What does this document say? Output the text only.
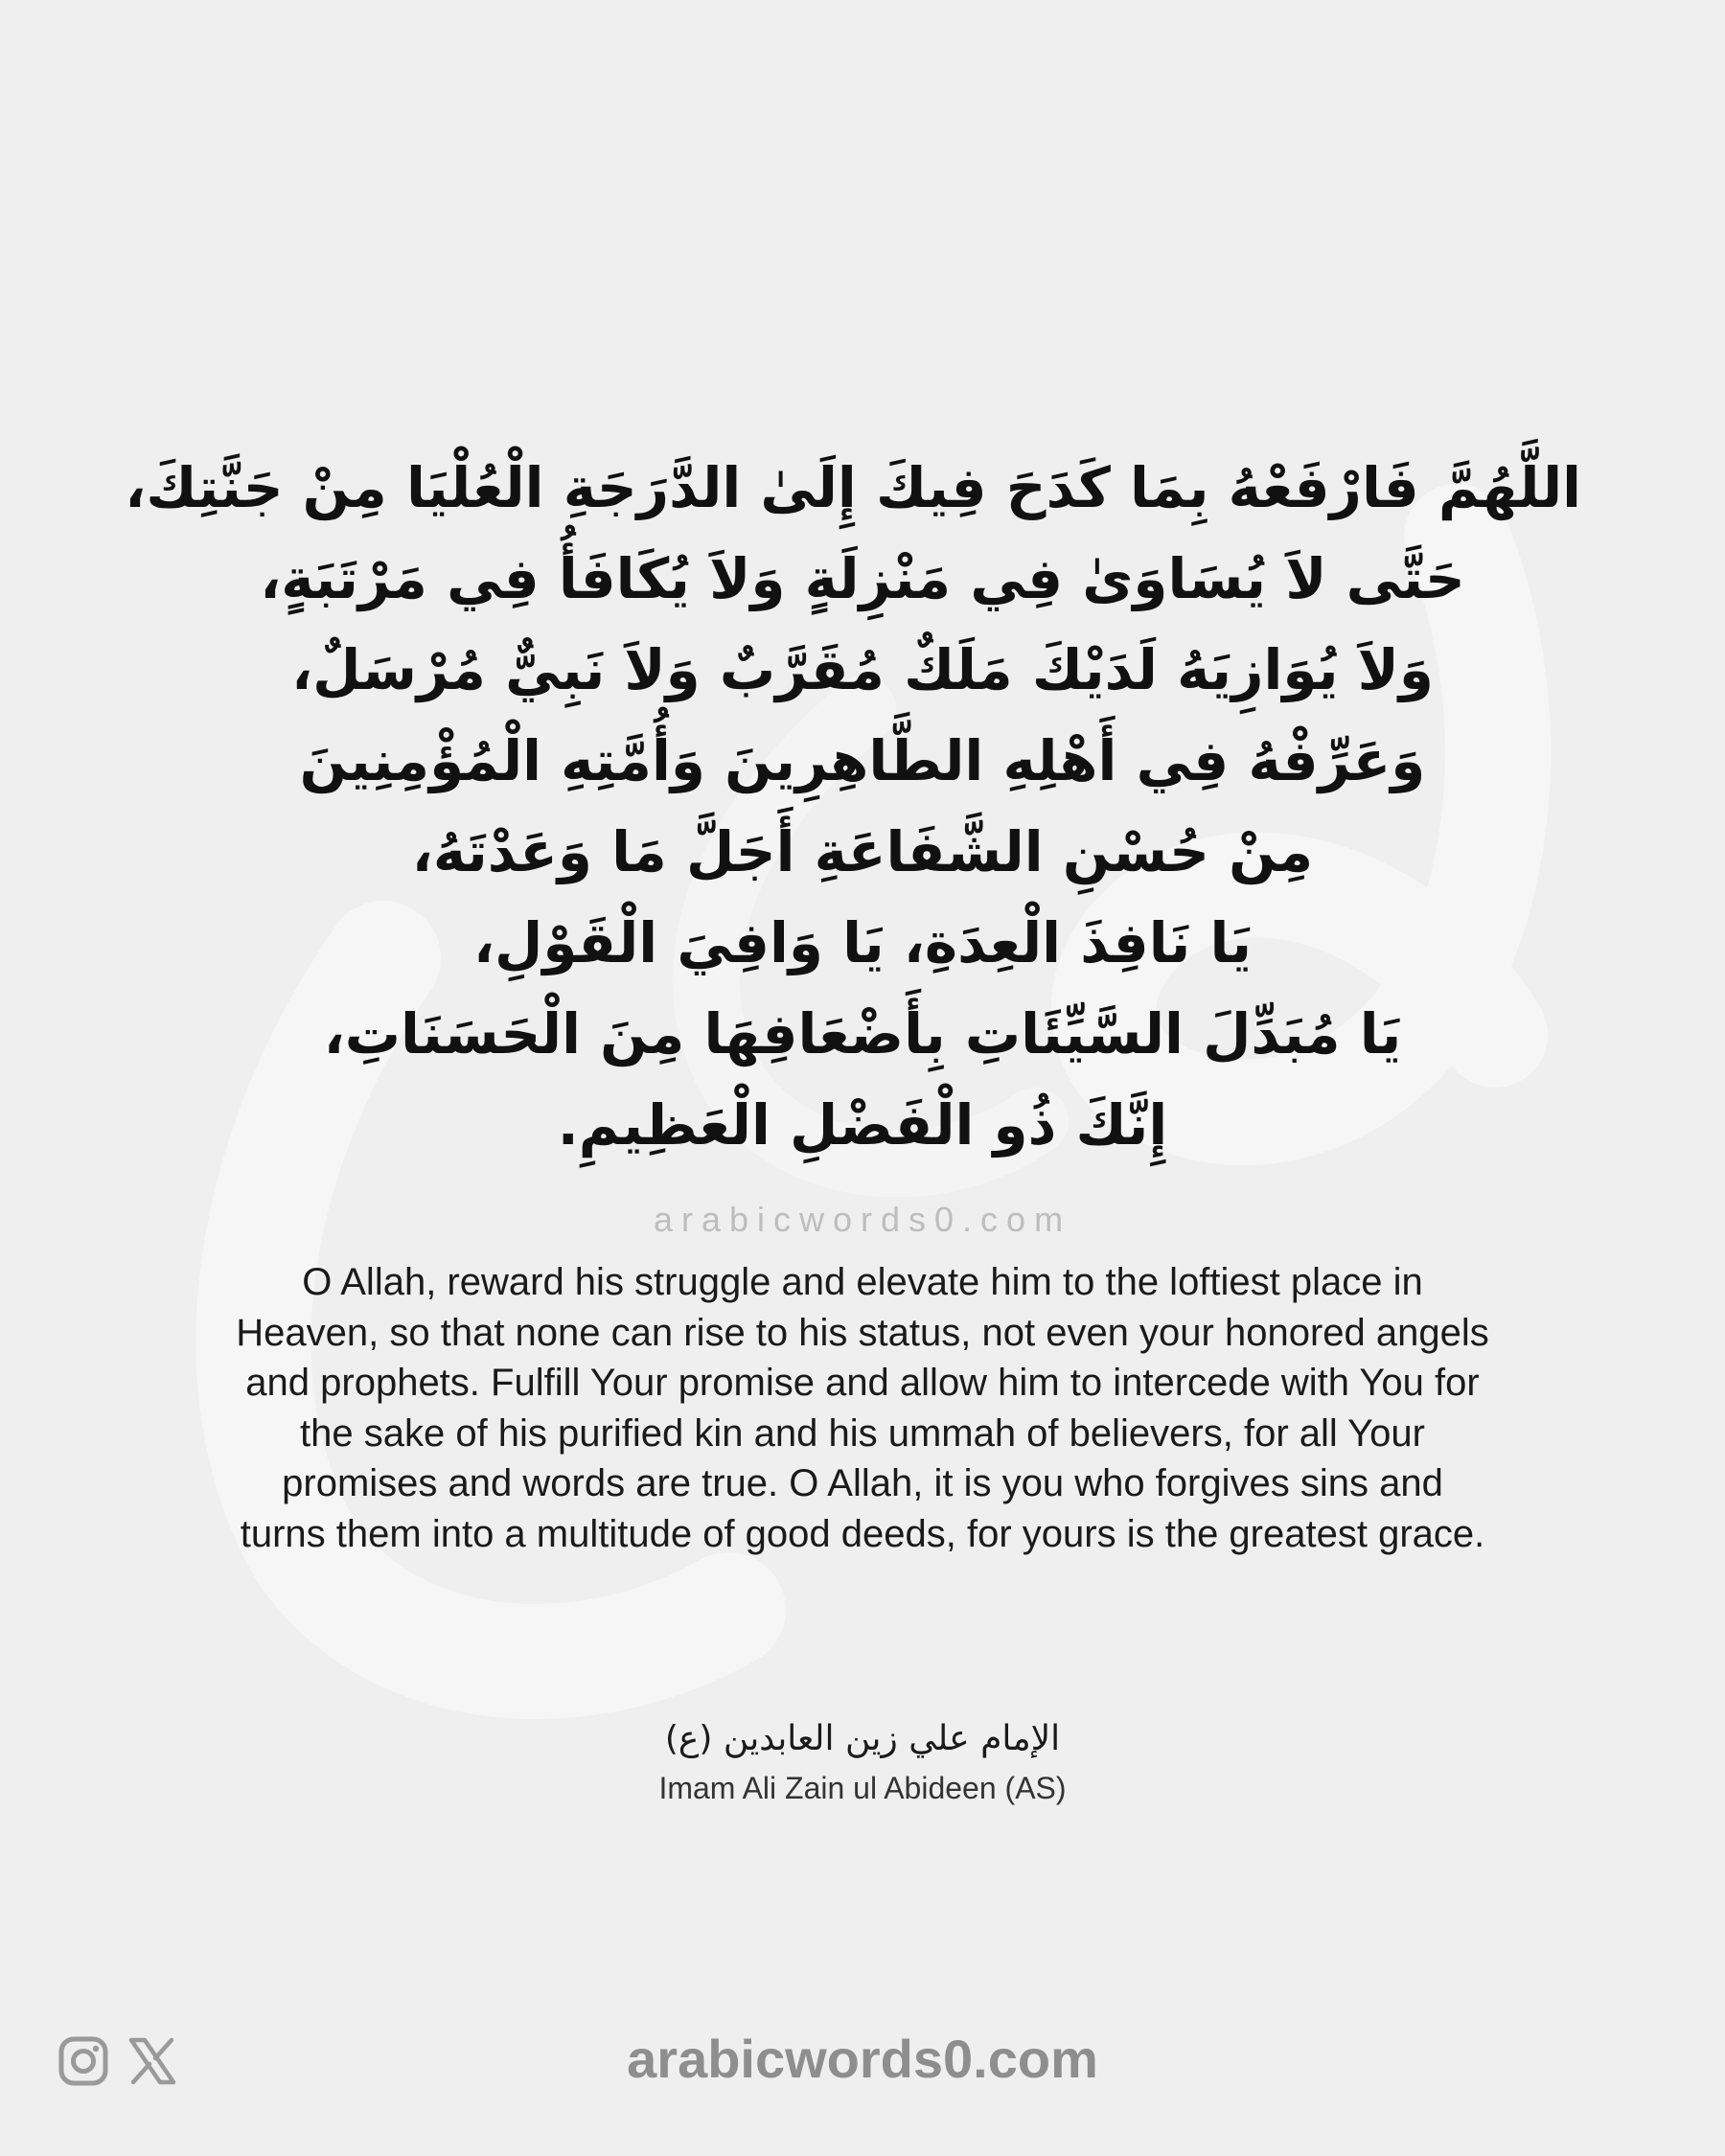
اللَّهُمَّ فَارْفَعْهُ بِمَا كَدَحَ فِيكَ إِلَىٰ الدَّرَجَةِ الْعُلْيَا مِنْ جَنَّتِكَ،
حَتَّى لاَ يُسَاوَىٰ فِي مَنْزِلَةٍ وَلاَ يُكَافَأُ فِي مَرْتَبَةٍ،
وَلاَ يُوَازِيَهُ لَدَيْكَ مَلَكٌ مُقَرَّبٌ وَلاَ نَبِيٌّ مُرْسَلٌ،
وَعَرِّفْهُ فِي أَهْلِهِ الطَّاهِرِينَ وَأُمَّتِهِ الْمُؤْمِنِينَ
مِنْ حُسْنِ الشَّفَاعَةِ أَجَلَّ مَا وَعَدْتَهُ،
يَا نَافِذَ الْعِدَةِ، يَا وَافِيَ الْقَوْلِ،
يَا مُبَدِّلَ السَّيِّئَاتِ بِأَضْعَافِهَا مِنَ الْحَسَنَاتِ،
إِنَّكَ ذُو الْفَضْلِ الْعَظِيمِ.
arabicwords0.com
O Allah, reward his struggle and elevate him to the loftiest place in
Heaven, so that none can rise to his status, not even your honored angels
and prophets. Fulfill Your promise and allow him to intercede with You for
the sake of his purified kin and his ummah of believers, for all Your
promises and words are true. O Allah, it is you who forgives sins and
turns them into a multitude of good deeds, for yours is the greatest grace.
الإمام علي زين العابدين (ع)
Imam Ali Zain ul Abideen (AS)
arabicwords0.com
